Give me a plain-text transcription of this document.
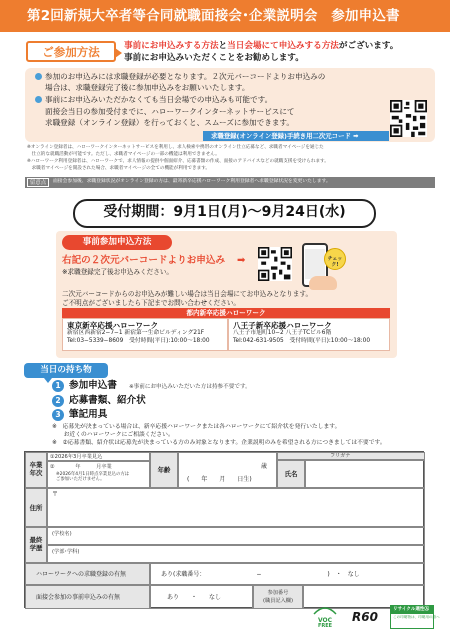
第2回新規大卒者等合同就職面接会･企業説明会　参加申込書
ご参加方法	事前にお申込みする方法と当日会場にて申込みする方法がございます。
事前にお申込みいただくことをお勧めします。
参加のお申込みには求職登録が必要となります。２次元バーコードよりお申込みの
場合は、求職登録完了後に参加申込みをお願いいたします。
事前にお申込みいただかなくても当日会場での申込みも可能です。
面接会当日の参加受付までに、ハローワークインターネットサービスにて
求職登録（オンライン登録）を行っておくと、スムーズに参加できます。
求職登録(オンライン登録)手続き用二次元コード ➡
※オンライン登録者は、ハローワークインターネットサービスを利用し、求人検索や携帯のオンライン仕立応募など、求職者マイページを通じた
　仕立的な就職活動が可能です。ただし、求職者マイページの一部の機能は利用できません。
※ハローワーク利用登録者は、ハローワークで、求人情報の提供や個面紹介、応募書類の作成、面接のアドバイスなどの就職支援を受けられます。
　求職者マイページを開設された場合、求職者マイページの全ての機能が利用できます。
留意点	面接会参加後、求職登録状況がオンライン登録の方は、最寄新卒応援ハローワーク利用登録者へ求職登録状況を変更いたします。
受付期間：9月1日(月)～9月24日(水)
事前参加申込方法
右記の２次元バーコードよりお申込み ➡
※求職登録完了後お申込みください。
チェック!
二次元バーコードからのお申込みが難しい場合は当日会場にてお申込みとなります。
ご不明点がございましたら下記までお問い合わせください。
都内新卒応援ハローワーク
東京新卒応援ハローワーク
新宿区西新宿2−7−1 新宿第一生命ビルディング21F
Tel:03−5339−8609　受付時間(平日):10:00〜18:00
八王子新卒応援ハローワーク
八王子市旭町10−2 八王子TCビル6階
Tel:042-631-9505　受付時間(平日):10:00〜18:00
当日の持ち物
1 参加申込書 ※事前にお申込みいただいた方は持参不要です。
2 応募書類、紹介状
3 筆記用具
※　応募先が決まっている場合は、新卒応援ハローワークまたは各ハローワークにて紹介状を発行いたします。
　　お近くのハローワークにご相談ください。
※　②応募書類、紹介状は応募先が決まっている方のみ対象となります。企業説明のみを希望される方につきましては不要です。
卒業
年次
①2026年3月卒業見込
②　　　　年　　　月卒業
※2026年4月1日時点卒業見込の方は
ご参加いただけません。
年齢	歳
(　　年　　月　　日生)
フリガナ
氏名
住所
〒
最終
学歴
(学校名)
(学部･学科)
ハローワークへの求職登録の有無	あり(求職番号：　　　　　　　　　−　　　　　　　　　　　)　・　なし
面接会参加の事前申込みの有無	あり　　・　　なし
参加番号
(職員記入欄)
VOC
FREE
R60
リサイクル適性Ⓐ
この印刷物は、印刷用の紙へ
